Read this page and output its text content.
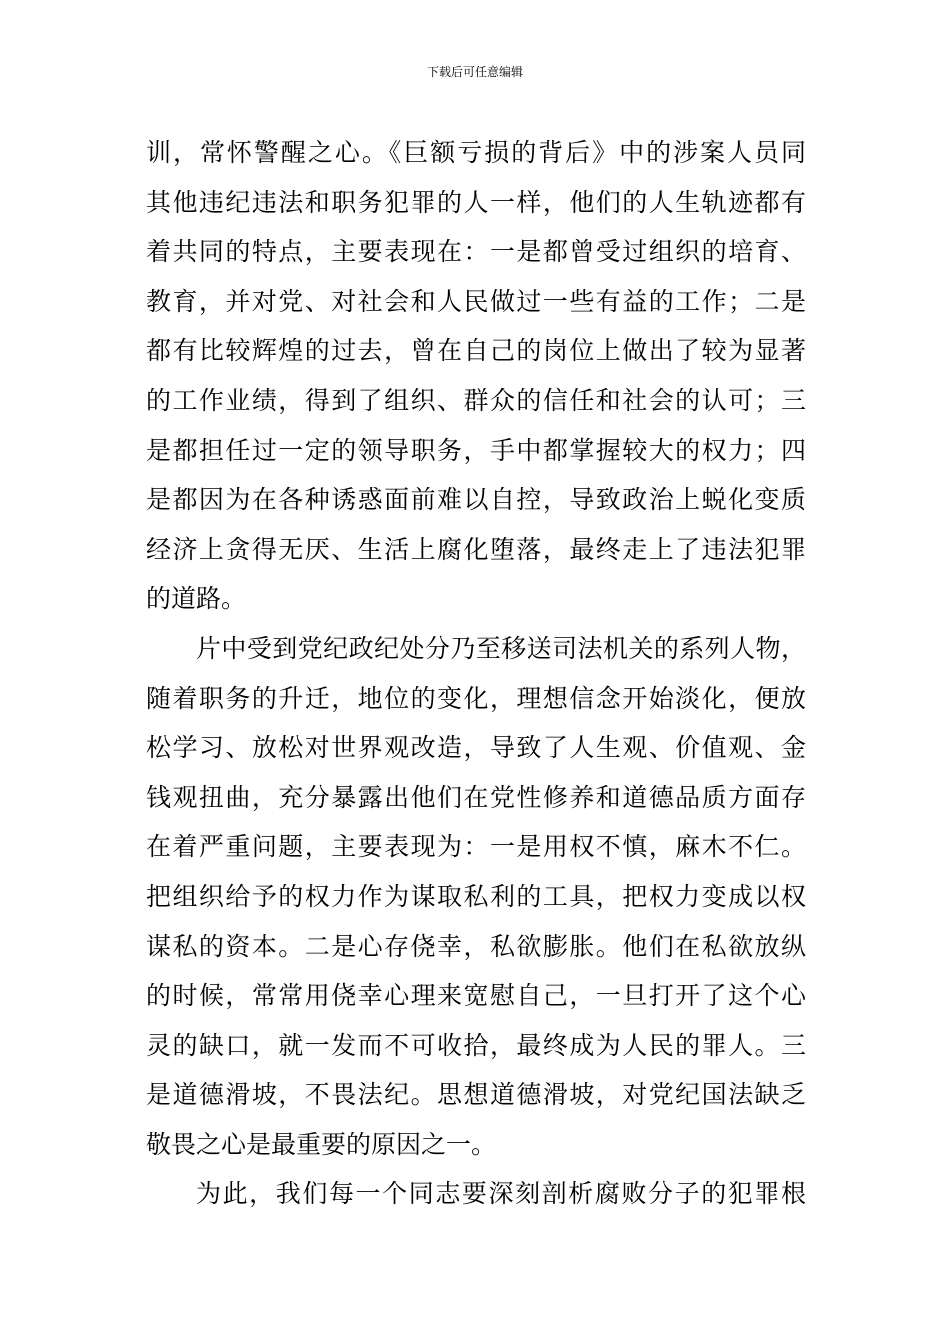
下载后可任意编辑
训，常怀警醒之心。《巨额亏损的背后》中的涉案人员同
其他违纪违法和职务犯罪的人一样，他们的人生轨迹都有
着共同的特点，主要表现在：一是都曾受过组织的培育、
教育，并对党、对社会和人民做过一些有益的工作；二是
都有比较辉煌的过去，曾在自己的岗位上做出了较为显著
的工作业绩，得到了组织、群众的信任和社会的认可；三
是都担任过一定的领导职务，手中都掌握较大的权力；四
是都因为在各种诱惑面前难以自控，导致政治上蜕化变质
经济上贪得无厌、生活上腐化堕落，最终走上了违法犯罪
的道路。
片中受到党纪政纪处分乃至移送司法机关的系列人物，
随着职务的升迁，地位的变化，理想信念开始淡化，便放
松学习、放松对世界观改造，导致了人生观、价值观、金
钱观扭曲，充分暴露出他们在党性修养和道德品质方面存
在着严重问题，主要表现为：一是用权不慎，麻木不仁。
把组织给予的权力作为谋取私利的工具，把权力变成以权
谋私的资本。二是心存侥幸，私欲膨胀。他们在私欲放纵
的时候，常常用侥幸心理来宽慰自己，一旦打开了这个心
灵的缺口，就一发而不可收拾，最终成为人民的罪人。三
是道德滑坡，不畏法纪。思想道德滑坡，对党纪国法缺乏
敬畏之心是最重要的原因之一。
为此，我们每一个同志要深刻剖析腐败分子的犯罪根
